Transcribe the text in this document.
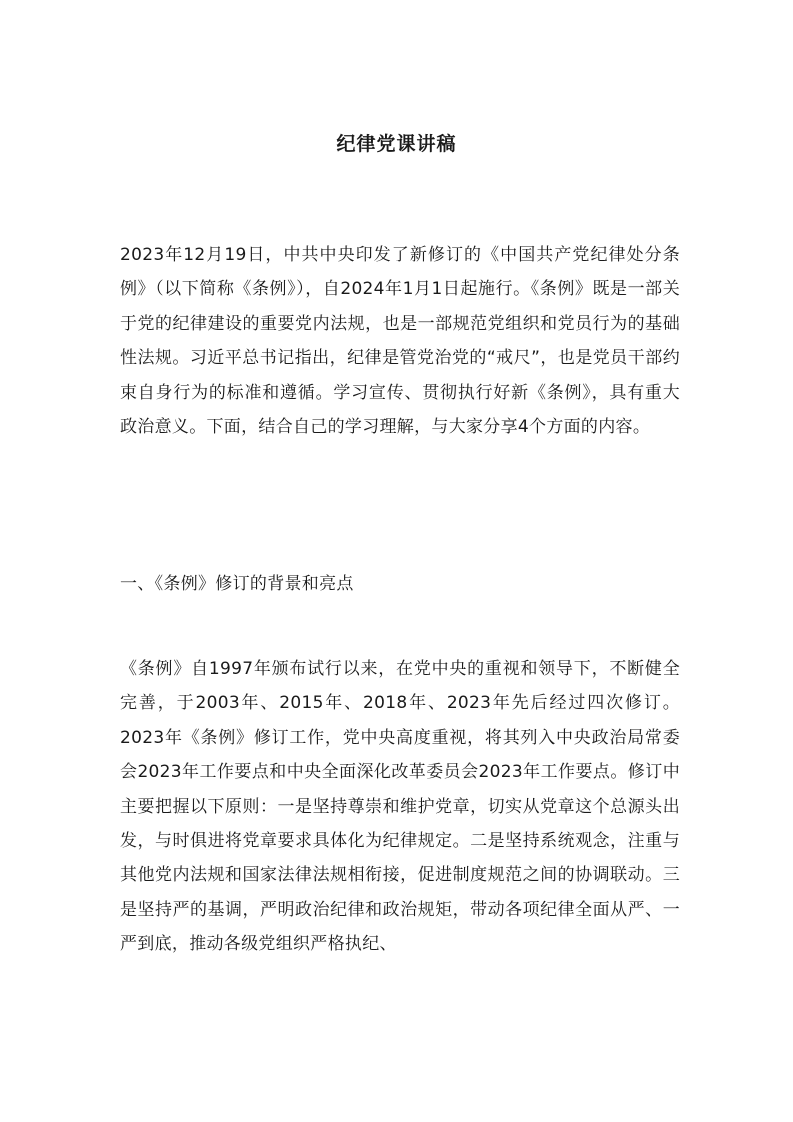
纪律党课讲稿

2023年12月19日，中共中央印发了新修订的《中国共产党纪律处分条例》（以下简称《条例》），自2024年1月1日起施行。《条例》既是一部关于党的纪律建设的重要党内法规，也是一部规范党组织和党员行为的基础性法规。习近平总书记指出，纪律是管党治党的“戒尺”，也是党员干部约束自身行为的标准和遵循。学习宣传、贯彻执行好新《条例》，具有重大政治意义。下面，结合自己的学习理解，与大家分享4个方面的内容。

一、《条例》修订的背景和亮点

《条例》自1997年颁布试行以来，在党中央的重视和领导下，不断健全完善，于2003年、2015年、2018年、2023年先后经过四次修订。2023年《条例》修订工作，党中央高度重视，将其列入中央政治局常委会2023年工作要点和中央全面深化改革委员会2023年工作要点。修订中主要把握以下原则：一是坚持尊崇和维护党章，切实从党章这个总源头出发，与时俱进将党章要求具体化为纪律规定。二是坚持系统观念，注重与其他党内法规和国家法律法规相衔接，促进制度规范之间的协调联动。三是坚持严的基调，严明政治纪律和政治规矩，带动各项纪律全面从严、一严到底，推动各级党组织严格执纪、
